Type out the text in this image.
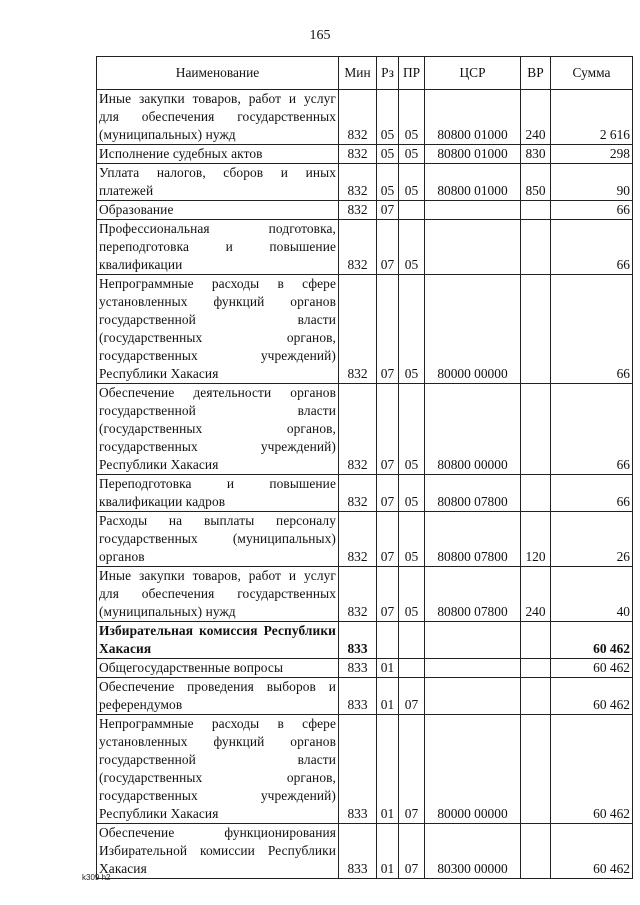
165
Наименование	Мин	Рз	ПР	ЦСР	ВР	Сумма
Иные закупки товаров, работ и услуг для обеспечения государственных (муниципальных) нужд	832	05	05	80800 01000	240	2 616
Исполнение судебных актов	832	05	05	80800 01000	830	298
Уплата налогов, сборов и иных платежей	832	05	05	80800 01000	850	90
Образование	832	07				66
Профессиональная подготовка, переподготовка и повышение квалификации	832	07	05			66
Непрограммные расходы в сфере установленных функций органов государственной власти (государственных органов, государственных учреждений) Республики Хакасия	832	07	05	80000 00000		66
Обеспечение деятельности органов государственной власти (государственных органов, государственных учреждений) Республики Хакасия	832	07	05	80800 00000		66
Переподготовка и повышение квалификации кадров	832	07	05	80800 07800		66
Расходы на выплаты персоналу государственных (муниципальных) органов	832	07	05	80800 07800	120	26
Иные закупки товаров, работ и услуг для обеспечения государственных (муниципальных) нужд	832	07	05	80800 07800	240	40
Избирательная комиссия Республики Хакасия	833					60 462
Общегосударственные вопросы	833	01				60 462
Обеспечение проведения выборов и референдумов	833	01	07			60 462
Непрограммные расходы в сфере установленных функций органов государственной власти (государственных органов, государственных учреждений) Республики Хакасия	833	01	07	80000 00000		60 462
Обеспечение функционирования Избирательной комиссии Республики Хакасия	833	01	07	80300 00000		60 462
k309 h2
